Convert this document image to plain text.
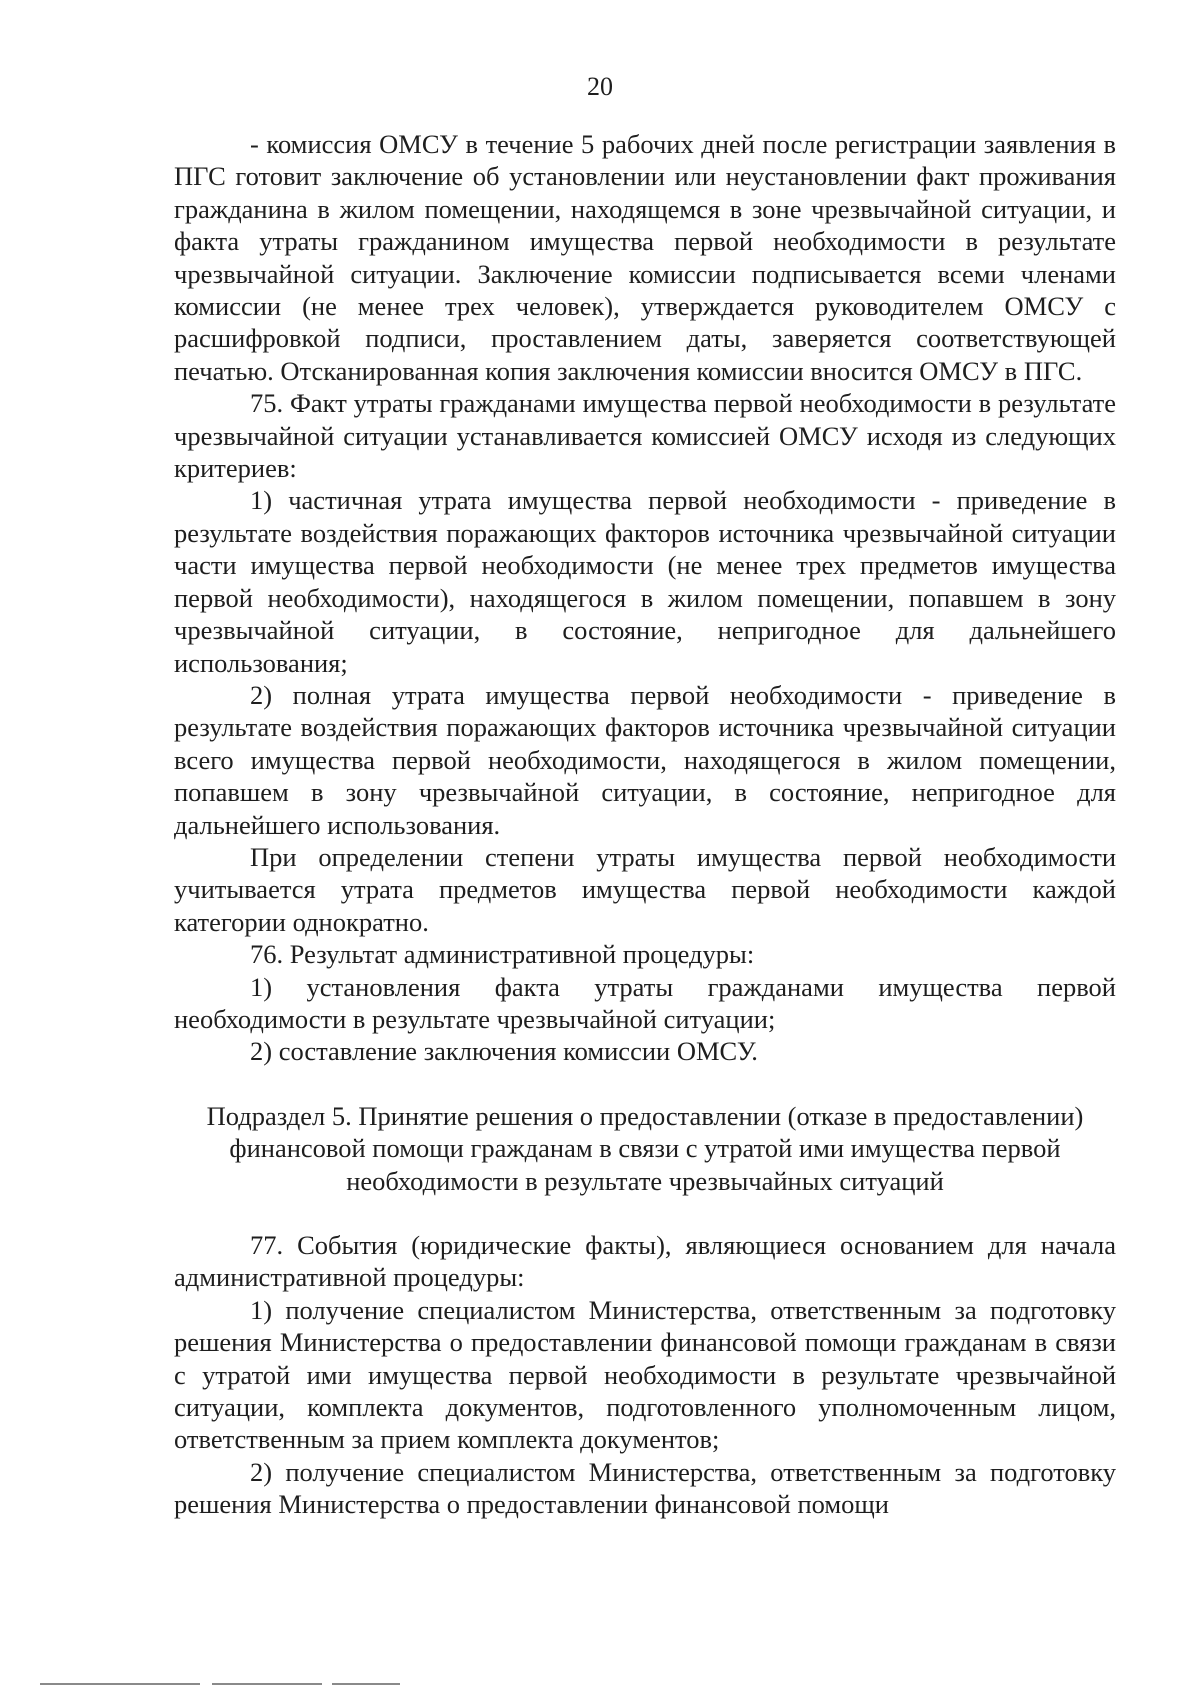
20

- комиссия ОМСУ в течение 5 рабочих дней после регистрации заявления в ПГС готовит заключение об установлении или неустановлении факт проживания гражданина в жилом помещении, находящемся в зоне чрезвычайной ситуации, и факта утраты гражданином имущества первой необходимости в результате чрезвычайной ситуации. Заключение комиссии подписывается всеми членами комиссии (не менее трех человек), утверждается руководителем ОМСУ с расшифровкой подписи, проставлением даты, заверяется соответствующей печатью. Отсканированная копия заключения комиссии вносится ОМСУ в ПГС.

75. Факт утраты гражданами имущества первой необходимости в результате чрезвычайной ситуации устанавливается комиссией ОМСУ исходя из следующих критериев:

1) частичная утрата имущества первой необходимости - приведение в результате воздействия поражающих факторов источника чрезвычайной ситуации части имущества первой необходимости (не менее трех предметов имущества первой необходимости), находящегося в жилом помещении, попавшем в зону чрезвычайной ситуации, в состояние, непригодное для дальнейшего использования;

2) полная утрата имущества первой необходимости - приведение в результате воздействия поражающих факторов источника чрезвычайной ситуации всего имущества первой необходимости, находящегося в жилом помещении, попавшем в зону чрезвычайной ситуации, в состояние, непригодное для дальнейшего использования.

При определении степени утраты имущества первой необходимости учитывается утрата предметов имущества первой необходимости каждой категории однократно.

76. Результат административной процедуры:

1) установления факта утраты гражданами имущества первой необходимости в результате чрезвычайной ситуации;

2) составление заключения комиссии ОМСУ.

Подраздел 5. Принятие решения о предоставлении (отказе в предоставлении) финансовой помощи гражданам в связи с утратой ими имущества первой необходимости в результате чрезвычайных ситуаций

77. События (юридические факты), являющиеся основанием для начала административной процедуры:

1) получение специалистом Министерства, ответственным за подготовку решения Министерства о предоставлении финансовой помощи гражданам в связи с утратой ими имущества первой необходимости в результате чрезвычайной ситуации, комплекта документов, подготовленного уполномоченным лицом, ответственным за прием комплекта документов;

2) получение специалистом Министерства, ответственным за подготовку решения Министерства о предоставлении финансовой помощи
